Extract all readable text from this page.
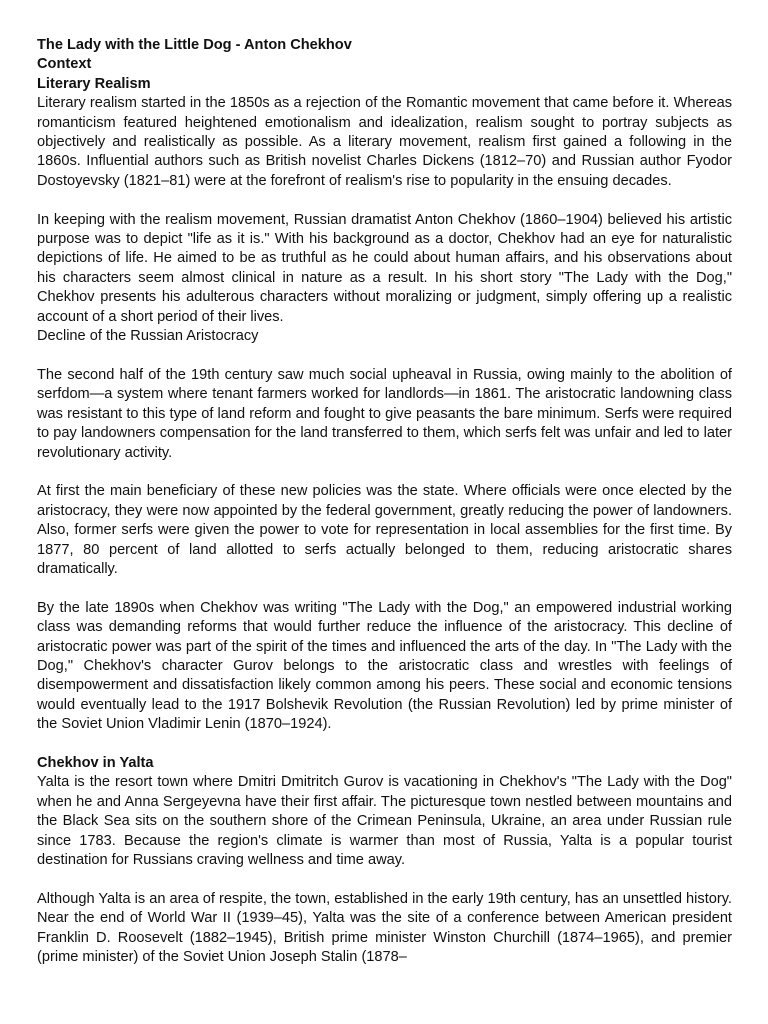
The Lady with the Little Dog - Anton Chekhov
Context
Literary Realism

Literary realism started in the 1850s as a rejection of the Romantic movement that came before it. Whereas romanticism featured heightened emotionalism and idealization, realism sought to portray subjects as objectively and realistically as possible. As a literary movement, realism first gained a following in the 1860s. Influential authors such as British novelist Charles Dickens (1812–70) and Russian author Fyodor Dostoyevsky (1821–81) were at the forefront of realism's rise to popularity in the ensuing decades.

In keeping with the realism movement, Russian dramatist Anton Chekhov (1860–1904) believed his artistic purpose was to depict "life as it is." With his background as a doctor, Chekhov had an eye for naturalistic depictions of life. He aimed to be as truthful as he could about human affairs, and his observations about his characters seem almost clinical in nature as a result. In his short story "The Lady with the Dog," Chekhov presents his adulterous characters without moralizing or judgment, simply offering up a realistic account of a short period of their lives.

Decline of the Russian Aristocracy

The second half of the 19th century saw much social upheaval in Russia, owing mainly to the abolition of serfdom—a system where tenant farmers worked for landlords—in 1861. The aristocratic landowning class was resistant to this type of land reform and fought to give peasants the bare minimum. Serfs were required to pay landowners compensation for the land transferred to them, which serfs felt was unfair and led to later revolutionary activity.

At first the main beneficiary of these new policies was the state. Where officials were once elected by the aristocracy, they were now appointed by the federal government, greatly reducing the power of landowners. Also, former serfs were given the power to vote for representation in local assemblies for the first time. By 1877, 80 percent of land allotted to serfs actually belonged to them, reducing aristocratic shares dramatically.

By the late 1890s when Chekhov was writing "The Lady with the Dog," an empowered industrial working class was demanding reforms that would further reduce the influence of the aristocracy. This decline of aristocratic power was part of the spirit of the times and influenced the arts of the day. In "The Lady with the Dog," Chekhov's character Gurov belongs to the aristocratic class and wrestles with feelings of disempowerment and dissatisfaction likely common among his peers. These social and economic tensions would eventually lead to the 1917 Bolshevik Revolution (the Russian Revolution) led by prime minister of the Soviet Union Vladimir Lenin (1870–1924).

Chekhov in Yalta

Yalta is the resort town where Dmitri Dmitritch Gurov is vacationing in Chekhov's "The Lady with the Dog" when he and Anna Sergeyevna have their first affair. The picturesque town nestled between mountains and the Black Sea sits on the southern shore of the Crimean Peninsula, Ukraine, an area under Russian rule since 1783. Because the region's climate is warmer than most of Russia, Yalta is a popular tourist destination for Russians craving wellness and time away.

Although Yalta is an area of respite, the town, established in the early 19th century, has an unsettled history. Near the end of World War II (1939–45), Yalta was the site of a conference between American president Franklin D. Roosevelt (1882–1945), British prime minister Winston Churchill (1874–1965), and premier (prime minister) of the Soviet Union Joseph Stalin (1878–
